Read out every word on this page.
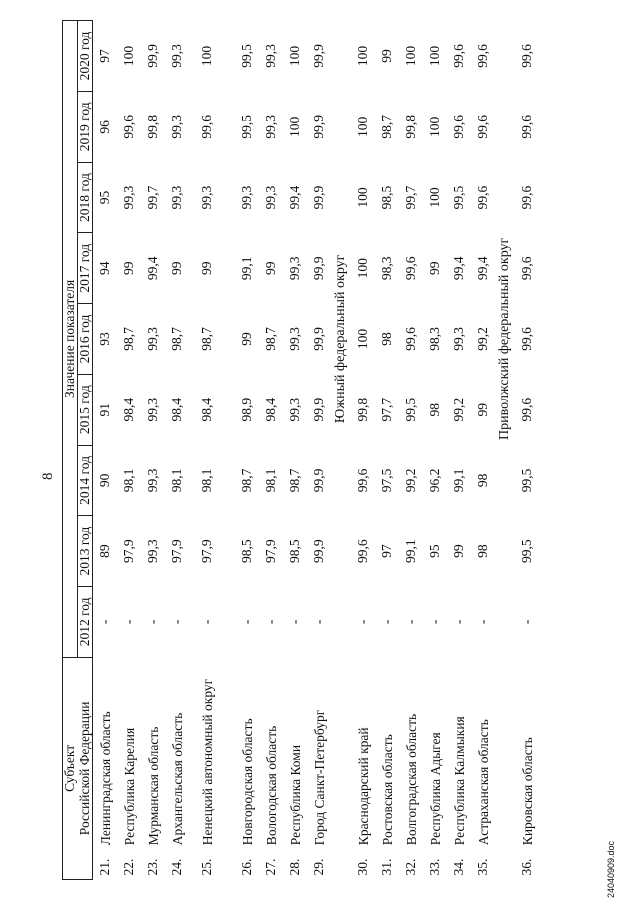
8
Субъект		Значение показателя								
Российской Федерации		2012 год	2013 год	2014 год	2015 год	2016 год	2017 год	2018 год	2019 год	2020 год
21.	Ленинградская область	-	89	90	91	93	94	95	96	97
22.	Республика Карелия	-	97,9	98,1	98,4	98,7	99	99,3	99,6	100
23.	Мурманская область	-	99,3	99,3	99,3	99,3	99,4	99,7	99,8	99,9
24.	Архангельская область	-	97,9	98,1	98,4	98,7	99	99,3	99,3	99,3
25.	Ненецкий автономный округ	-	97,9	98,1	98,4	98,7	99	99,3	99,6	100

26.	Новгородская область	-	98,5	98,7	98,9	99	99,1	99,3	99,5	99,5
27.	Вологодская область	-	97,9	98,1	98,4	98,7	99	99,3	99,3	99,3
28.	Республика Коми	-	98,5	98,7	99,3	99,3	99,3	99,4	100	100
29.	Город Санкт-Петербург	-	99,9	99,9	99,9	99,9	99,9	99,9	99,9	99,9
		Южный федеральный округ								
30.	Краснодарский край	-	99,6	99,6	99,8	100	100	100	100	100
31.	Ростовская область	-	97	97,5	97,7	98	98,3	98,5	98,7	99
32.	Волгоградская область	-	99,1	99,2	99,5	99,6	99,6	99,7	99,8	100
33.	Республика Адыгея	-	95	96,2	98	98,3	99	100	100	100
34.	Республика Калмыкия	-	99	99,1	99,2	99,3	99,4	99,5	99,6	99,6
35.	Астраханская область	-	98	98	99	99,2	99,4	99,6	99,6	99,6
		Приволжский федеральный округ								
36.	Кировская область	-	99,5	99,5	99,6	99,6	99,6	99,6	99,6	99,6
24040909.doc
